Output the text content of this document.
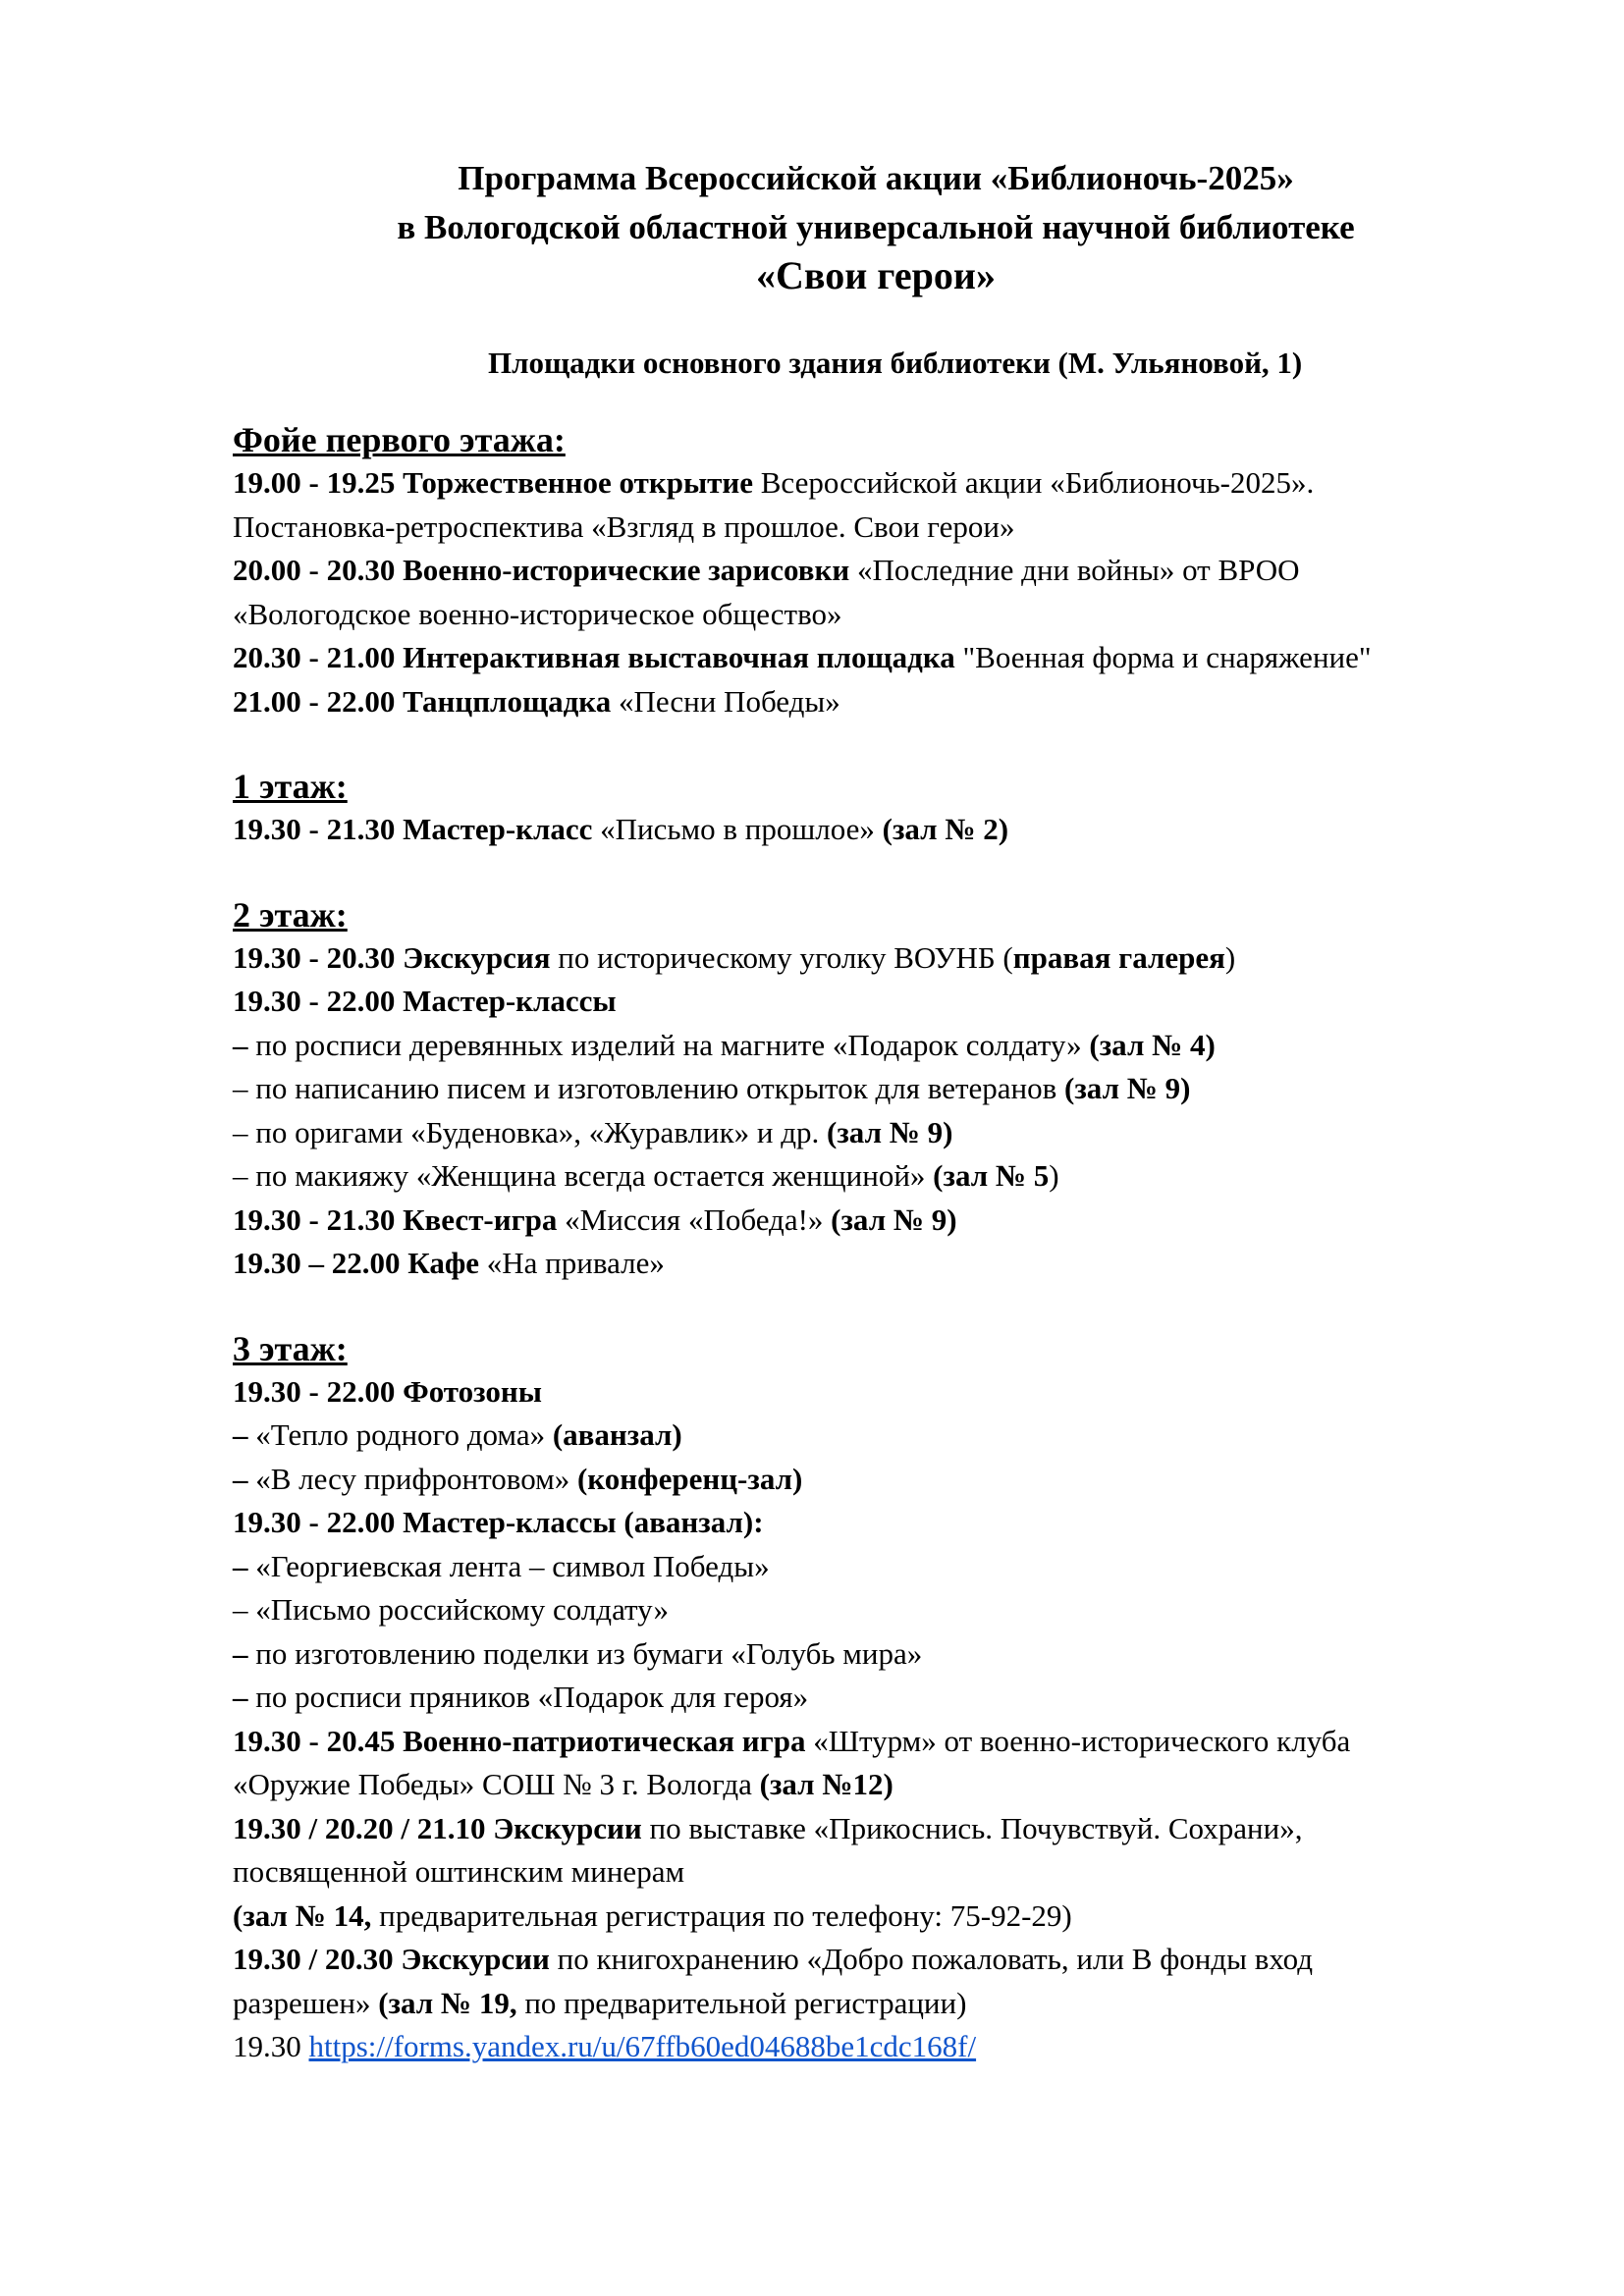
Программа Всероссийской акции «Библионочь-2025»
в Вологодской областной универсальной научной библиотеке
«Свои герои»
Площадки основного здания библиотеки (М. Ульяновой, 1)
Фойе первого этажа:
19.00 - 19.25 Торжественное открытие Всероссийской акции «Библионочь-2025».
Постановка-ретроспектива «Взгляд в прошлое. Свои герои»
20.00 - 20.30 Военно-исторические зарисовки «Последние дни войны» от ВРОО
«Вологодское военно-историческое общество»
20.30 - 21.00 Интерактивная выставочная площадка "Военная форма и снаряжение"
21.00 - 22.00 Танцплощадка «Песни Победы»
1 этаж:
19.30 - 21.30 Мастер-класс «Письмо в прошлое» (зал № 2)
2 этаж:
19.30 - 20.30 Экскурсия по историческому уголку ВОУНБ (правая галерея)
19.30 - 22.00 Мастер-классы
– по росписи деревянных изделий на магните «Подарок солдату» (зал № 4)
– по написанию писем и изготовлению открыток для ветеранов (зал № 9)
– по оригами «Буденовка», «Журавлик» и др. (зал № 9)
– по макияжу «Женщина всегда остается женщиной» (зал № 5)
19.30 - 21.30 Квест-игра «Миссия «Победа!» (зал № 9)
19.30 – 22.00 Кафе «На привале»
3 этаж:
19.30 - 22.00 Фотозоны
– «Тепло родного дома» (аванзал)
– «В лесу прифронтовом» (конференц-зал)
19.30 - 22.00 Мастер-классы (аванзал):
– «Георгиевская лента – символ Победы»
– «Письмо российскому солдату»
– по изготовлению поделки из бумаги «Голубь мира»
– по росписи пряников «Подарок для героя»
19.30 - 20.45 Военно-патриотическая игра «Штурм» от военно-исторического клуба
«Оружие Победы» СОШ № 3 г. Вологда (зал №12)
19.30 / 20.20 / 21.10 Экскурсии по выставке «Прикоснись. Почувствуй. Сохрани»,
посвященной оштинским минерам
(зал № 14, предварительная регистрация по телефону: 75-92-29)
19.30 / 20.30 Экскурсии по книгохранению «Добро пожаловать, или В фонды вход
разрешен» (зал № 19, по предварительной регистрации)
19.30 https://forms.yandex.ru/u/67ffb60ed04688be1cdc168f/
